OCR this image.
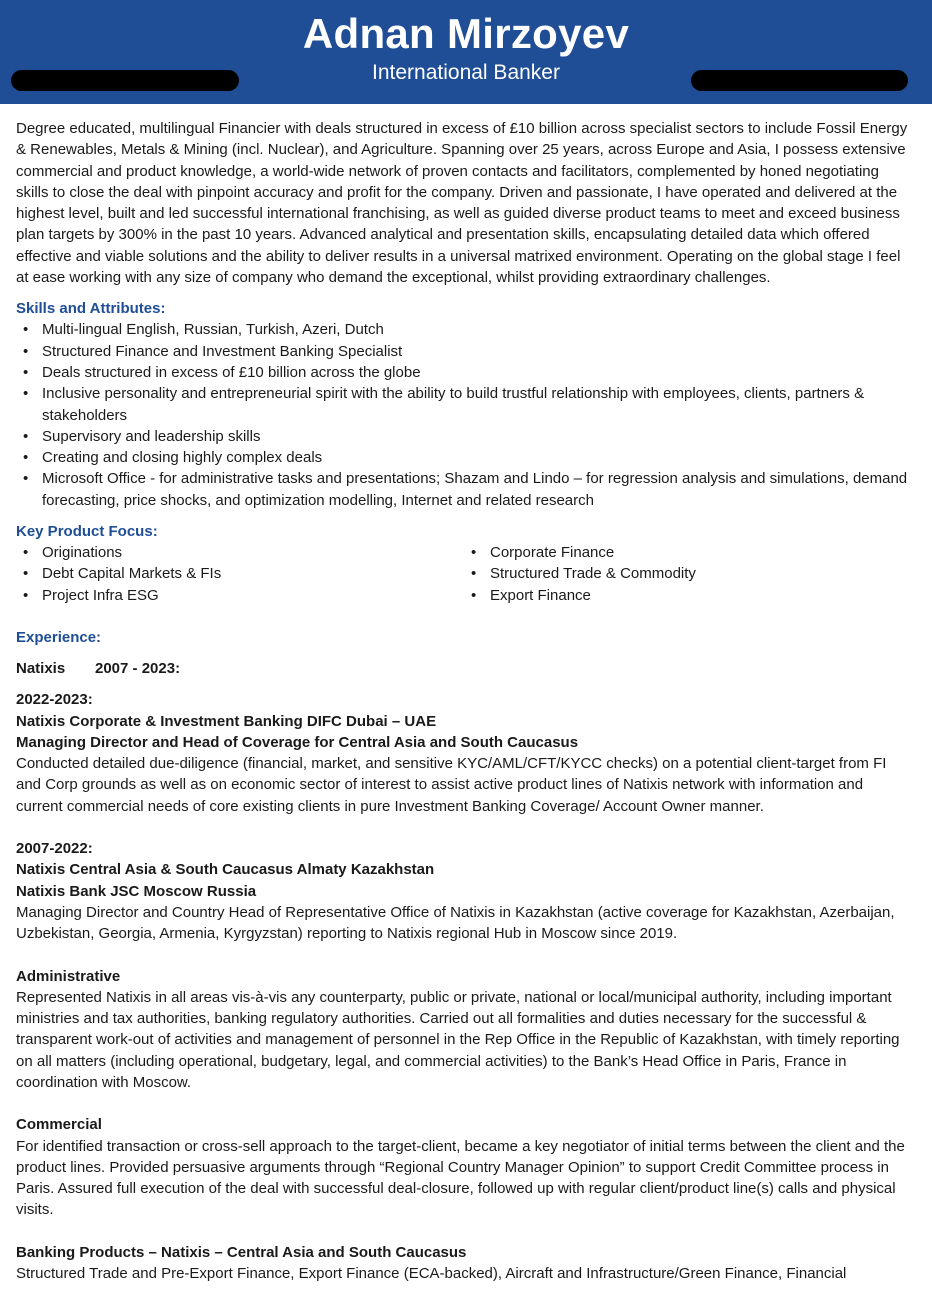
Adnan Mirzoyev
International Banker

Degree educated, multilingual Financier with deals structured in excess of £10 billion across specialist sectors to include Fossil Energy & Renewables, Metals & Mining (incl. Nuclear), and Agriculture. Spanning over 25 years, across Europe and Asia, I possess extensive commercial and product knowledge, a world-wide network of proven contacts and facilitators, complemented by honed negotiating skills to close the deal with pinpoint accuracy and profit for the company. Driven and passionate, I have operated and delivered at the highest level, built and led successful international franchising, as well as guided diverse product teams to meet and exceed business plan targets by 300% in the past 10 years. Advanced analytical and presentation skills, encapsulating detailed data which offered effective and viable solutions and the ability to deliver results in a universal matrixed environment. Operating on the global stage I feel at ease working with any size of company who demand the exceptional, whilst providing extraordinary challenges.

Skills and Attributes:
• Multi-lingual English, Russian, Turkish, Azeri, Dutch
• Structured Finance and Investment Banking Specialist
• Deals structured in excess of £10 billion across the globe
• Inclusive personality and entrepreneurial spirit with the ability to build trustful relationship with employees, clients, partners & stakeholders
• Supervisory and leadership skills
• Creating and closing highly complex deals
• Microsoft Office - for administrative tasks and presentations; Shazam and Lindo – for regression analysis and simulations, demand forecasting, price shocks, and optimization modelling, Internet and related research
Key Product Focus:
• Originations
• Debt Capital Markets & FIs
• Project Infra ESG
• Corporate Finance
• Structured Trade & Commodity
• Export Finance
Experience:

Natixis 2007 - 2023:

2022-2023:

Natixis Corporate & Investment Banking DIFC Dubai – UAE

Managing Director and Head of Coverage for Central Asia and South Caucasus

Conducted detailed due-diligence (financial, market, and sensitive KYC/AML/CFT/KYCC checks) on a potential client-target from FI and Corp grounds as well as on economic sector of interest to assist active product lines of Natixis network with information and current commercial needs of core existing clients in pure Investment Banking Coverage/ Account Owner manner.

2007-2022:

Natixis Central Asia & South Caucasus Almaty Kazakhstan

Natixis Bank JSC Moscow Russia

Managing Director and Country Head of Representative Office of Natixis in Kazakhstan (active coverage for Kazakhstan, Azerbaijan, Uzbekistan, Georgia, Armenia, Kyrgyzstan) reporting to Natixis regional Hub in Moscow since 2019.

Administrative

Represented Natixis in all areas vis-à-vis any counterparty, public or private, national or local/municipal authority, including important ministries and tax authorities, banking regulatory authorities. Carried out all formalities and duties necessary for the successful & transparent work-out of activities and management of personnel in the Rep Office in the Republic of Kazakhstan, with timely reporting on all matters (including operational, budgetary, legal, and commercial activities) to the Bank’s Head Office in Paris, France in coordination with Moscow.

Commercial

For identified transaction or cross-sell approach to the target-client, became a key negotiator of initial terms between the client and the product lines. Provided persuasive arguments through “Regional Country Manager Opinion” to support Credit Committee process in Paris. Assured full execution of the deal with successful deal-closure, followed up with regular client/product line(s) calls and physical visits.

Banking Products – Natixis – Central Asia and South Caucasus

Structured Trade and Pre-Export Finance, Export Finance (ECA-backed), Aircraft and Infrastructure/Green Finance, Financial
